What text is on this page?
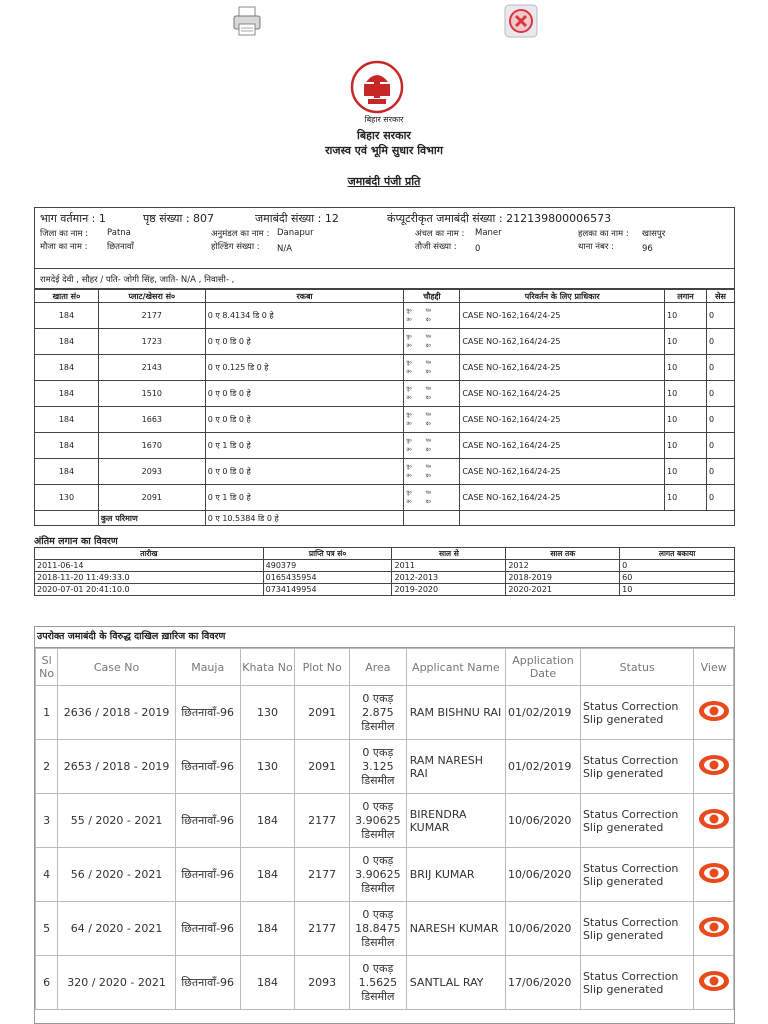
बिहार सरकार
बिहार सरकार
राजस्व एवं भूमि सुधार विभाग
जमाबंदी पंजी प्रति
भाग वर्तमान : 1	पृष्ठ संख्या : 807	जमाबंदी संख्या : 12	कंप्यूटरीकृत जमाबंदी संख्या : 212139800006573
जिला का नाम : Patna	अनुमंडल का नाम : Danapur	अंचल का नाम : Maner	हलका का नाम : खासपुर
मौजा का नाम : छितनावाँ	होल्डिंग संख्या : N/A	तौजी संख्या : 0	थाना नंबर :	96
रामदेई देवी , सौहर / पति- जोगी सिंह, जाति- N/A , निवासी- ,
खाता सं०	प्लाट/खेसरा सं०	रकबा	चौहद्दी	परिवर्तन के लिए प्राधिकार	लगान	सेस
184	2177	0 ए 8.4134 डि 0 हे	पु० प०
उ० द०	CASE NO-162,164/24-25	10	0
184	1723	0 ए 0 डि 0 हे	पु० प०
उ० द०	CASE NO-162,164/24-25	10	0
184	2143	0 ए 0.125 डि 0 हे	पु० प०
उ० द०	CASE NO-162,164/24-25	10	0
184	1510	0 ए 0 डि 0 हे	पु० प०
उ० द०	CASE NO-162,164/24-25	10	0
184	1663	0 ए 0 डि 0 हे	पु० प०
उ० द०	CASE NO-162,164/24-25	10	0
184	1670	0 ए 1 डि 0 हे	पु० प०
उ० द०	CASE NO-162,164/24-25	10	0
184	2093	0 ए 0 डि 0 हे	पु० प०
उ० द०	CASE NO-162,164/24-25	10	0
130	2091	0 ए 1 डि 0 हे	पु० प०
उ० द०	CASE NO-162,164/24-25	10	0
	कुल परिमाण	0 ए 10.5384 डि 0 हे				
अंतिम लगान का विवरण
तारीख	प्राप्ति पत्र सं०	साल से	साल तक	लागत बकाया
2011-06-14	490379	2011	2012	0
2018-11-20 11:49:33.0	0165435954	2012-2013	2018-2019	60
2020-07-01 20:41:10.0	0734149954	2019-2020	2020-2021	10
उपरोक्त जमाबंदी के विरुद्ध दाखिल ख़ारिज का विवरण
Sl No	Case No	Mauja	Khata No	Plot No	Area	Applicant Name	Application Date	Status	View
1	2636 / 2018 - 2019	छितनावाँ-96	130	2091	0 एकड़
2.875
डिसमील	RAM BISHNU RAI	01/02/2019	Status Correction Slip generated	
2	2653 / 2018 - 2019	छितनावाँ-96	130	2091	0 एकड़
3.125
डिसमील	RAM NARESH RAI	01/02/2019	Status Correction Slip generated	
3	55 / 2020 - 2021	छितनावाँ-96	184	2177	0 एकड़
3.90625
डिसमील	BIRENDRA KUMAR	10/06/2020	Status Correction Slip generated	
4	56 / 2020 - 2021	छितनावाँ-96	184	2177	0 एकड़
3.90625
डिसमील	BRIJ KUMAR	10/06/2020	Status Correction Slip generated	
5	64 / 2020 - 2021	छितनावाँ-96	184	2177	0 एकड़
18.8475
डिसमील	NARESH KUMAR	10/06/2020	Status Correction Slip generated	
6	320 / 2020 - 2021	छितनावाँ-96	184	2093	0 एकड़
1.5625
डिसमील	SANTLAL RAY	17/06/2020	Status Correction Slip generated	
